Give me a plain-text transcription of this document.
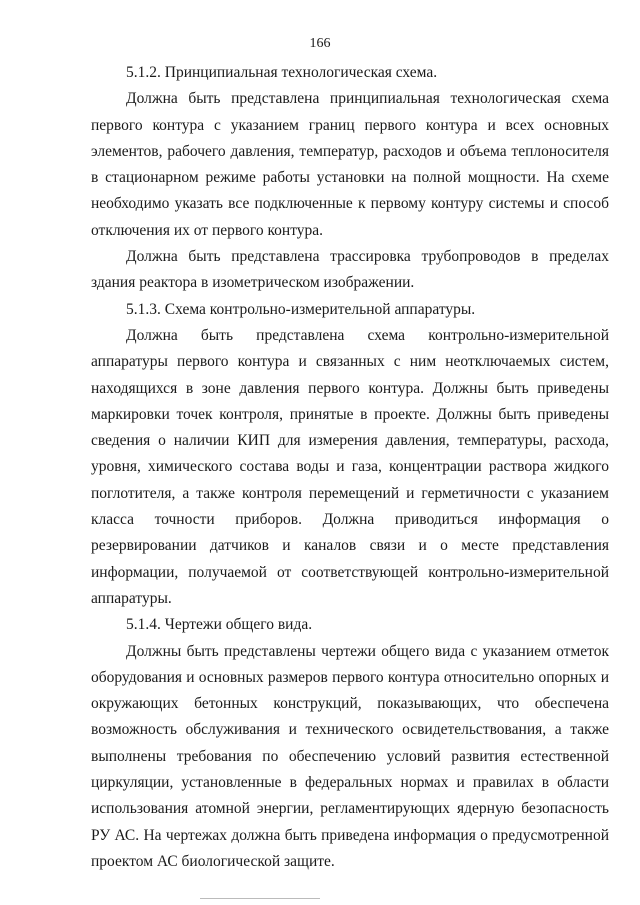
166

5.1.2. Принципиальная технологическая схема.

Должна быть представлена принципиальная технологическая схема первого контура с указанием границ первого контура и всех основных элементов, рабочего давления, температур, расходов и объема теплоносителя в стационарном режиме работы установки на полной мощности. На схеме необходимо указать все подключенные к первому контуру системы и способ отключения их от первого контура.

Должна быть представлена трассировка трубопроводов в пределах здания реактора в изометрическом изображении.

5.1.3. Схема контрольно-измерительной аппаратуры.

Должна быть представлена схема контрольно-измерительной аппаратуры первого контура и связанных с ним неотключаемых систем, находящихся в зоне давления первого контура. Должны быть приведены маркировки точек контроля, принятые в проекте. Должны быть приведены сведения о наличии КИП для измерения давления, температуры, расхода, уровня, химического состава воды и газа, концентрации раствора жидкого поглотителя, а также контроля перемещений и герметичности с указанием класса точности приборов. Должна приводиться информация о резервировании датчиков и каналов связи и о месте представления информации, получаемой от соответствующей контрольно-измерительной аппаратуры.

5.1.4. Чертежи общего вида.

Должны быть представлены чертежи общего вида с указанием отметок оборудования и основных размеров первого контура относительно опорных и окружающих бетонных конструкций, показывающих, что обеспечена возможность обслуживания и технического освидетельствования, а также выполнены требования по обеспечению условий развития естественной циркуляции, установленные в федеральных нормах и правилах в области использования атомной энергии, регламентирующих ядерную безопасность РУ АС. На чертежах должна быть приведена информация о предусмотренной проектом АС биологической защите.
